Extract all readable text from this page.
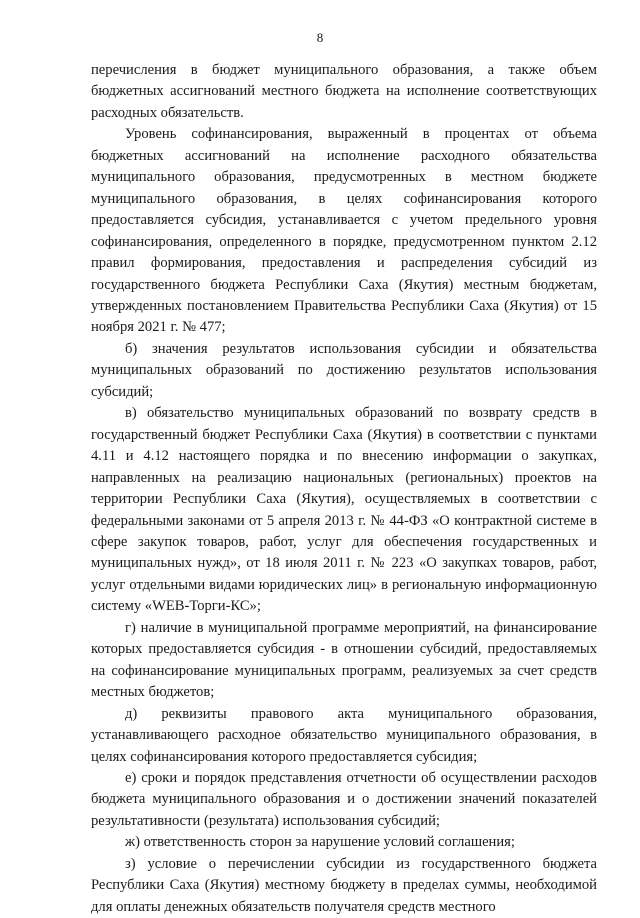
8

перечисления в бюджет муниципального образования, а также объем бюджетных ассигнований местного бюджета на исполнение соответствующих расходных обязательств.

Уровень софинансирования, выраженный в процентах от объема бюджетных ассигнований на исполнение расходного обязательства муниципального образования, предусмотренных в местном бюджете муниципального образования, в целях софинансирования которого предоставляется субсидия, устанавливается с учетом предельного уровня софинансирования, определенного в порядке, предусмотренном пунктом 2.12 правил формирования, предоставления и распределения субсидий из государственного бюджета Республики Саха (Якутия) местным бюджетам, утвержденных постановлением Правительства Республики Саха (Якутия) от 15 ноября 2021 г. № 477;

б) значения результатов использования субсидии и обязательства муниципальных образований по достижению результатов использования субсидий;

в) обязательство муниципальных образований по возврату средств в государственный бюджет Республики Саха (Якутия) в соответствии с пунктами 4.11 и 4.12 настоящего порядка и по внесению информации о закупках, направленных на реализацию национальных (региональных) проектов на территории Республики Саха (Якутия), осуществляемых в соответствии с федеральными законами от 5 апреля 2013 г. № 44-ФЗ «О контрактной системе в сфере закупок товаров, работ, услуг для обеспечения государственных и муниципальных нужд», от 18 июля 2011 г. № 223 «О закупках товаров, работ, услуг отдельными видами юридических лиц» в региональную информационную систему «WEB-Торги-КС»;

г) наличие в муниципальной программе мероприятий, на финансирование которых предоставляется субсидия - в отношении субсидий, предоставляемых на софинансирование муниципальных программ, реализуемых за счет средств местных бюджетов;

д) реквизиты правового акта муниципального образования, устанавливающего расходное обязательство муниципального образования, в целях софинансирования которого предоставляется субсидия;

е) сроки и порядок представления отчетности об осуществлении расходов бюджета муниципального образования и о достижении значений показателей результативности (результата) использования субсидий;

ж) ответственность сторон за нарушение условий соглашения;

з) условие о перечислении субсидии из государственного бюджета Республики Саха (Якутия) местному бюджету в пределах суммы, необходимой для оплаты денежных обязательств получателя средств местного
